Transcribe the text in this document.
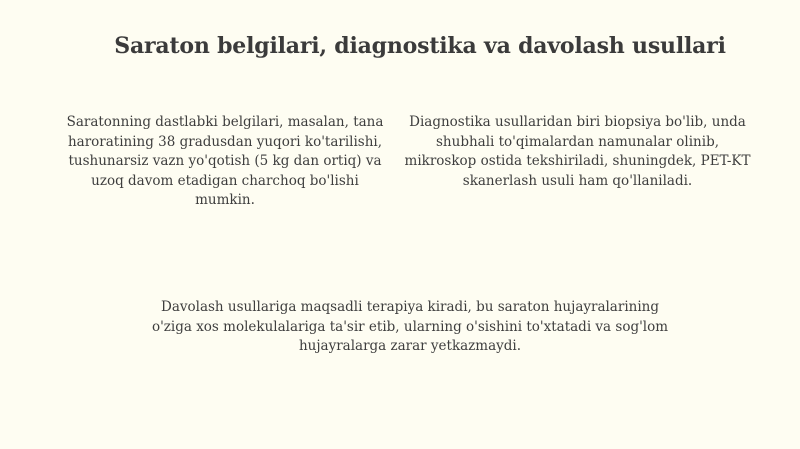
Saraton belgilari, diagnostika va davolash usullari

Saratonning dastlabki belgilari, masalan, tana haroratining 38 gradusdan yuqori ko'tarilishi, tushunarsiz vazn yo'qotish (5 kg dan ortiq) va uzoq davom etadigan charchoq bo'lishi mumkin.

Diagnostika usullaridan biri biopsiya bo'lib, unda shubhali to'qimalardan namunalar olinib, mikroskop ostida tekshiriladi, shuningdek, PET-KT skanerlash usuli ham qo'llaniladi.

Davolash usullariga maqsadli terapiya kiradi, bu saraton hujayralarining o'ziga xos molekulalariga ta'sir etib, ularning o'sishini to'xtatadi va sog'lom hujayralarga zarar yetkazmaydi.
